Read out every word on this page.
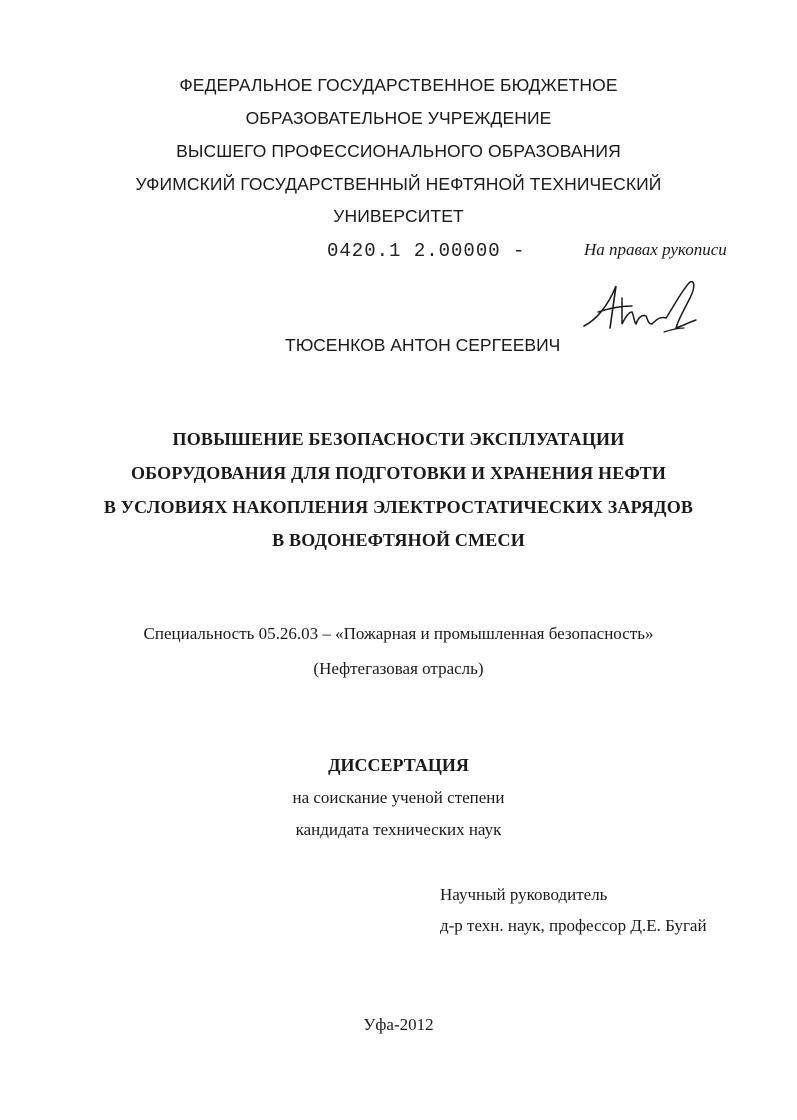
ФЕДЕРАЛЬНОЕ ГОСУДАРСТВЕННОЕ БЮДЖЕТНОЕ
ОБРАЗОВАТЕЛЬНОЕ УЧРЕЖДЕНИЕ
ВЫСШЕГО ПРОФЕССИОНАЛЬНОГО ОБРАЗОВАНИЯ
УФИМСКИЙ ГОСУДАРСТВЕННЫЙ НЕФТЯНОЙ ТЕХНИЧЕСКИЙ
УНИВЕРСИТЕТ
0420.1 2.00000 -	На правах рукописи
ТЮСЕНКОВ АНТОН СЕРГЕЕВИЧ
ПОВЫШЕНИЕ БЕЗОПАСНОСТИ ЭКСПЛУАТАЦИИ
ОБОРУДОВАНИЯ ДЛЯ ПОДГОТОВКИ И ХРАНЕНИЯ НЕФТИ
В УСЛОВИЯХ НАКОПЛЕНИЯ ЭЛЕКТРОСТАТИЧЕСКИХ ЗАРЯДОВ
В ВОДОНЕФТЯНОЙ СМЕСИ
Специальность 05.26.03 – «Пожарная и промышленная безопасность»
(Нефтегазовая отрасль)
ДИССЕРТАЦИЯ
на соискание ученой степени
кандидата технических наук
Научный руководитель
д-р техн. наук, профессор Д.Е. Бугай
Уфа-2012
